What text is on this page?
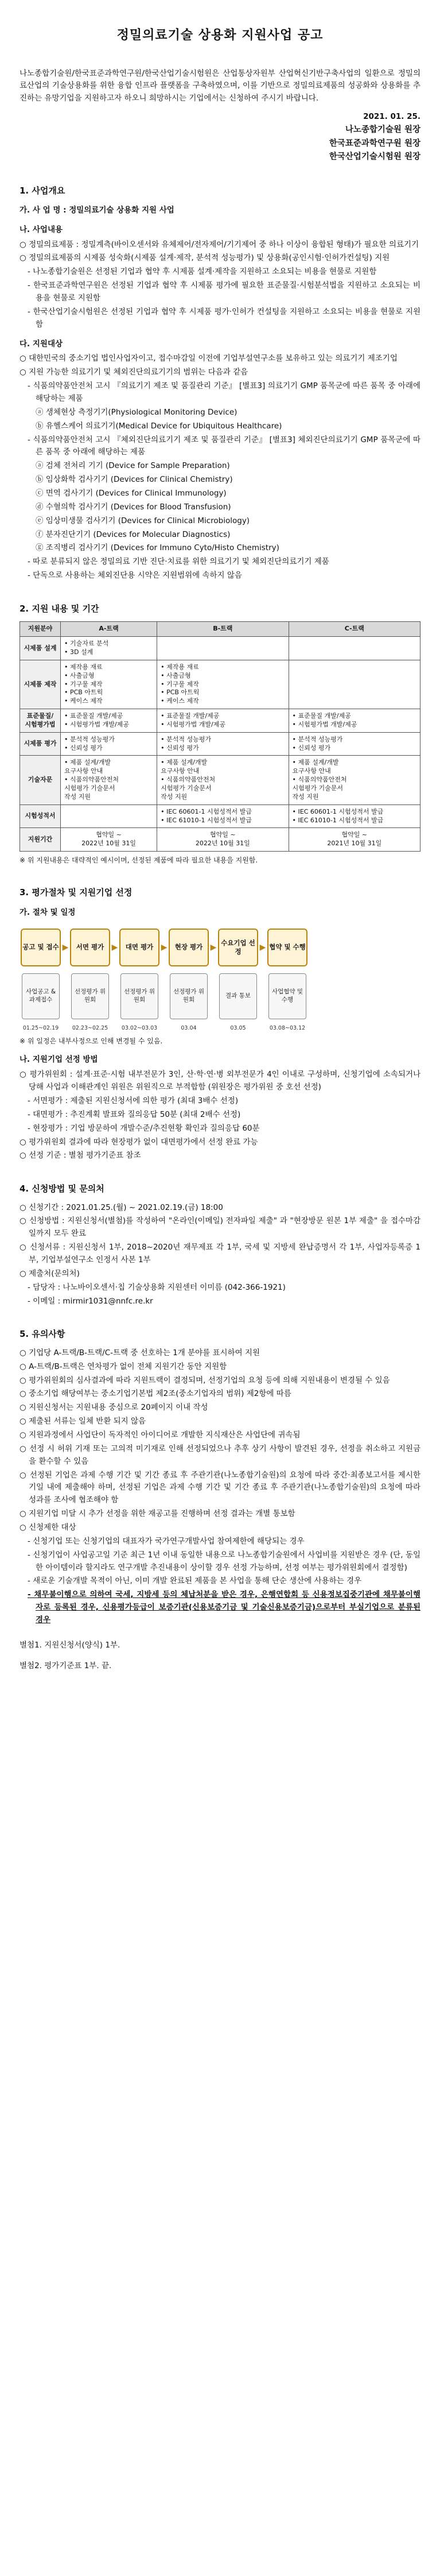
정밀의료기술 상용화 지원사업 공고

나노종합기술원/한국표준과학연구원/한국산업기술시험원은 산업통상자원부 산업혁신기반구축사업의 일환으로 정밀의료산업의 기술상용화를 위한 융합 인프라 플랫폼을 구축하였으며, 이를 기반으로 정밀의료제품의 성공화와 상용화를 추진하는 유망기업을 지원하고자 하오니 희망하시는 기업에서는 신청하여 주시기 바랍니다.

2021. 01. 25.
나노종합기술원 원장
한국표준과학연구원 원장
한국산업기술시험원 원장
1. 사업개요
가. 사 업 명 : 정밀의료기술 상용화 지원 사업
나. 사업내용
○ 정밀의료제품 : 정밀계측(바이오센서와 유체제어/전자제어/기기제어 중 하나 이상이 융합된 형태)가 필요한 의료기기
○ 정밀의료제품의 시제품 성숙화(시제품 설계·제작, 분석적 성능평가) 및 상용화(공인시험·인허가컨설팅) 지원
- 나노종합기술원은 선정된 기업과 협약 후 시제품 설계·제작을 지원하고 소요되는 비용을 현물로 지원함
- 한국표준과학연구원은 선정된 기업과 협약 후 시제품 평가에 필요한 표준물질·시험분석법을 지원하고 소요되는 비용을 현물로 지원함
- 한국산업기술시험원은 선정된 기업과 협약 후 시제품 평가·인허가 컨설팅을 지원하고 소요되는 비용을 현물로 지원함
다. 지원대상
○ 대한민국의 중소기업 법인사업자이고, 접수마감일 이전에 기업부설연구소를 보유하고 있는 의료기기 제조기업
○ 지원 가능한 의료기기 및 체외진단의료기기의 범위는 다음과 같음
- 식품의약품안전처 고시 『의료기기 제조 및 품질관리 기준』 [별표3] 의료기기 GMP 품목군에 따른 품목 중 아래에 해당하는 제품
ⓐ 생체현상 측정기기(Physiological Monitoring Device)
ⓑ 유헬스케어 의료기기(Medical Device for Ubiquitous Healthcare)
- 식품의약품안전처 고시 『체외진단의료기기 제조 및 품질관리 기준』 [별표3] 체외진단의료기기 GMP 품목군에 따른 품목 중 아래에 해당하는 제품
ⓐ 검체 전처리 기기 (Device for Sample Preparation)
ⓑ 임상화학 검사기기 (Devices for Clinical Chemistry)
ⓒ 면역 검사기기 (Devices for Clinical Immunology)
ⓓ 수혈의학 검사기기 (Devices for Blood Transfusion)
ⓔ 임상미생물 검사기기 (Devices for Clinical Microbiology)
ⓕ 분자진단기기 (Devices for Molecular Diagnostics)
ⓖ 조직병리 검사기기 (Devices for Immuno Cyto/Histo Chemistry)
- 따로 분류되지 않은 정밀의료 기반 진단·치료를 위한 의료기기 및 체외진단의료기기 제품
- 단독으로 사용하는 체외진단용 시약은 지원범위에 속하지 않음
2. 지원 내용 및 기간
지원분야	A-트랙	B-트랙	C-트랙
시제품 설계	• 기술자료 분석
• 3D 설계		

시제품 제작	• 제작용 재료
• 사출금형
• 기구물 제작
• PCB 아트웍
• 케이스 제작	• 제작용 재료
• 사출금형
• 기구물 제작
• PCB 아트웍
• 케이스 제작	

표준물질/ 시험평가법	• 표준물질 개발/제공
• 시험평가법 개발/제공	• 표준물질 개발/제공
• 시험평가법 개발/제공	• 표준물질 개발/제공
• 시험평가법 개발/제공

시제품 평가	• 분석적 성능평가
• 신뢰성 평가	• 분석적 성능평가
• 신뢰성 평가	• 분석적 성능평가
• 신뢰성 평가

기술자문	• 제품 설계/개발
요구사항 안내
• 식품의약품안전처
시험평가 기술문서
작성 지원	• 제품 설계/개발
요구사항 안내
• 식품의약품안전처
시험평가 기술문서
작성 지원	• 제품 설계/개발
요구사항 안내
• 식품의약품안전처
시험평가 기술문서
작성 지원

시험성적서		• IEC 60601-1 시험성적서 발급
• IEC 61010-1 시험성적서 발급	• IEC 60601-1 시험성적서 발급
• IEC 61010-1 시험성적서 발급

지원기간	협약일 ~
2022년 10월 31일	협약일 ~
2022년 10월 31일	협약일 ~
2021년 10월 31일
※ 위 지원내용은 대략적인 예시이며, 선정된 제품에 따라 필요한 내용을 지원함.
3. 평가절차 및 지원기업 선정
가. 절차 및 일정
공고 및 접수
사업공고 & 과제접수
01.25~02.19
▶	서면 평가
선정평가 위원회
02.23~02.25
▶	대면 평가
선정평가 위원회
03.02~03.03
▶	현장 평가
선정평가 위원회
03.04
▶ 수요기업 선정
결과 통보
03.05
▶ 협약 및 수행
사업협약 및 수행
03.08~03.12
※ 위 일정은 내부사정으로 인해 변경될 수 있음.
나. 지원기업 선정 방법
○ 평가위원회 : 설계·표준·시험 내부전문가 3인, 산·학·연·병 외부전문가 4인 이내로 구성하며, 신청기업에 소속되거나 당해 사업과 이해관계인 위원은 위원직으로 부적합함 (위원장은 평가위원 중 호선 선정)
- 서면평가 : 제출된 지원신청서에 의한 평가 (최대 3배수 선정)
- 대면평가 : 추진계획 발표와 질의응답 50분 (최대 2배수 선정)
- 현장평가 : 기업 방문하여 개발수준/추진현황 확인과 질의응답 60분
○ 평가위원회 결과에 따라 현장평가 없이 대면평가에서 선정 완료 가능
○ 선정 기준 : 별첨 평가기준표 참조
4. 신청방법 및 문의처
○ 신청기간 : 2021.01.25.(월) ~ 2021.02.19.(금) 18:00
○ 신청방법 : 지원신청서(별첨)를 작성하여 "온라인(이메일) 전자파일 제출" 과 "현장방문 원본 1부 제출" 을 접수마감일까지 모두 완료
○ 신청서류 : 지원신청서 1부, 2018~2020년 재무제표 각 1부, 국세 및 지방세 완납증명서 각 1부, 사업자등록증 1부, 기업부설연구소 인정서 사본 1부
○ 제출처(문의처)
- 담당자 : 나노바이오센서·칩 기술상용화 지원센터 이미름 (042-366-1921)
- 이메일 : mirmir1031@nnfc.re.kr
5. 유의사항
○ 기업당 A-트랙/B-트랙/C-트랙 중 선호하는 1개 분야를 표시하여 지원
○ A-트랙/B-트랙은 연차평가 없이 전체 지원기간 동안 지원함
○ 평가위원회의 심사결과에 따라 지원트랙이 결정되며, 선정기업의 요청 등에 의해 지원내용이 변경될 수 있음
○ 중소기업 해당여부는 중소기업기본법 제2조(중소기업자의 범위) 제2항에 따름
○ 지원신청서는 지원내용 중심으로 20페이지 이내 작성
○ 제출된 서류는 일체 반환 되지 않음
○ 지원과정에서 사업단이 독자적인 아이디어로 개발한 지식재산은 사업단에 귀속됨
○ 선정 시 허위 기재 또는 고의적 미기재로 인해 선정되었으나 추후 상기 사항이 발견된 경우, 선정을 취소하고 지원금을 환수할 수 있음
○ 선정된 기업은 과제 수행 기간 및 기간 종료 후 주관기관(나노종합기술원)의 요청에 따라 중간·최종보고서를 제시한 기일 내에 제출해야 하며, 선정된 기업은 과제 수행 기간 및 기간 종료 후 주관기관(나노종합기술원)의 요청에 따라 성과를 조사에 협조해야 함
○ 지원기업 미달 시 추가 선정을 위한 재공고를 진행하며 선정 결과는 개별 통보함
○ 신청제한 대상
- 신청기업 또는 신청기업의 대표자가 국가연구개발사업 참여제한에 해당되는 경우
- 신청기업이 사업공고일 기준 최근 1년 이내 동일한 내용으로 나노종합기술원에서 사업비를 지원받은 경우 (단, 동일한 아이템이라 할지라도 연구개발 추진내용이 상이할 경우 선정 가능하며, 선정 여부는 평가위원회에서 결정함)
- 새로운 기술개발 목적이 아닌, 이미 개발 완료된 제품을 본 사업을 통해 단순 생산에 사용하는 경우
- 채무불이행으로 의하여 국세, 지방세 등의 체납처분을 받은 경우, 은행연합회 등 신용정보집중기관에 채무불이행자로 등록된 경우, 신용평가등급이 보증기관(신용보증기금 및 기술신용보증기금)으로부터 부실기업으로 분류된 경우
별첨1. 지원신청서(양식) 1부.
별첨2. 평가기준표 1부. 끝.
